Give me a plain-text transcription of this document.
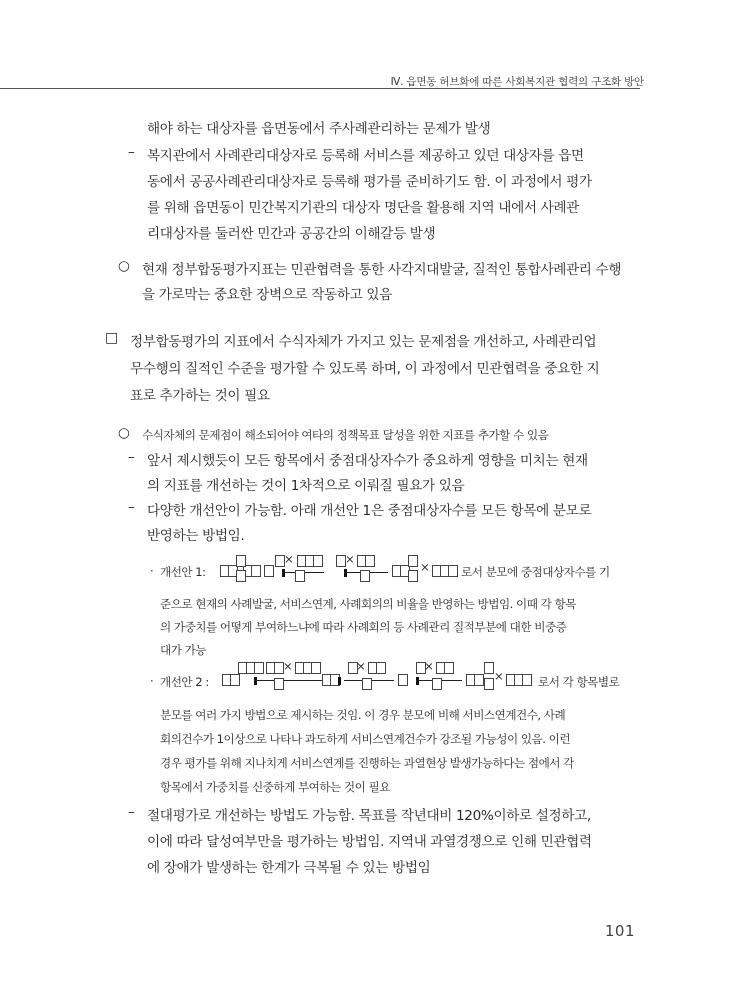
Ⅳ. 읍면동 허브화에 따른 사회복지관 협력의 구조화 방안
해야 하는 대상자를 읍면동에서 주사례관리하는 문제가 발생
– 복지관에서 사례관리대상자로 등록해 서비스를 제공하고 있던 대상자를 읍면
동에서 공공사례관리대상자로 등록해 평가를 준비하기도 함. 이 과정에서 평가
를 위해 읍면동이 민간복지기관의 대상자 명단을 활용해 지역 내에서 사례관
리대상자를 둘러싼 민간과 공공간의 이해갈등 발생
○ 현재 정부합동평가지표는 민관협력을 통한 사각지대발굴, 질적인 통합사례관리 수행
을 가로막는 중요한 장벽으로 작동하고 있음
□ 정부합동평가의 지표에서 수식자체가 가지고 있는 문제점을 개선하고, 사례관리업
무수행의 질적인 수준을 평가할 수 있도록 하며, 이 과정에서 민관협력을 중요한 지
표로 추가하는 것이 필요
○ 수식자체의 문제점이 해소되어야 여타의 정책목표 달성을 위한 지표를 추가할 수 있음
– 앞서 제시했듯이 모든 항목에서 중점대상자수가 중요하게 영향을 미치는 현재
의 지표를 개선하는 것이 1차적으로 이뤄질 필요가 있음
– 다양한 개선안이 가능함. 아래 개선안 1은 중점대상자수를 모든 항목에 분모로
반영하는 방법임.
· 개선안 1:
×	×
×	로서 분모에 중점대상자수를 기
준으로 현재의 사례발굴, 서비스연계, 사례회의의 비율을 반영하는 방법임. 이때 각 항목
의 가중치를 어떻게 부여하느냐에 따라 사례회의 등 사례관리 질적부분에 대한 비중증
대가 가능
· 개선안 2 :
×	×	×
×	로서 각 항목별로
분모를 여러 가지 방법으로 제시하는 것임. 이 경우 분모에 비해 서비스연계건수, 사례
회의건수가 1이상으로 나타나 과도하게 서비스연계건수가 강조될 가능성이 있음. 이런
경우 평가를 위해 지나치게 서비스연계를 진행하는 과열현상 발생가능하다는 점에서 각
항목에서 가중치를 신중하게 부여하는 것이 필요
– 절대평가로 개선하는 방법도 가능함. 목표를 작년대비 120%이하로 설정하고,
이에 따라 달성여부만을 평가하는 방법임. 지역내 과열경쟁으로 인해 민관협력
에 장애가 발생하는 한계가 극복될 수 있는 방법임
101
